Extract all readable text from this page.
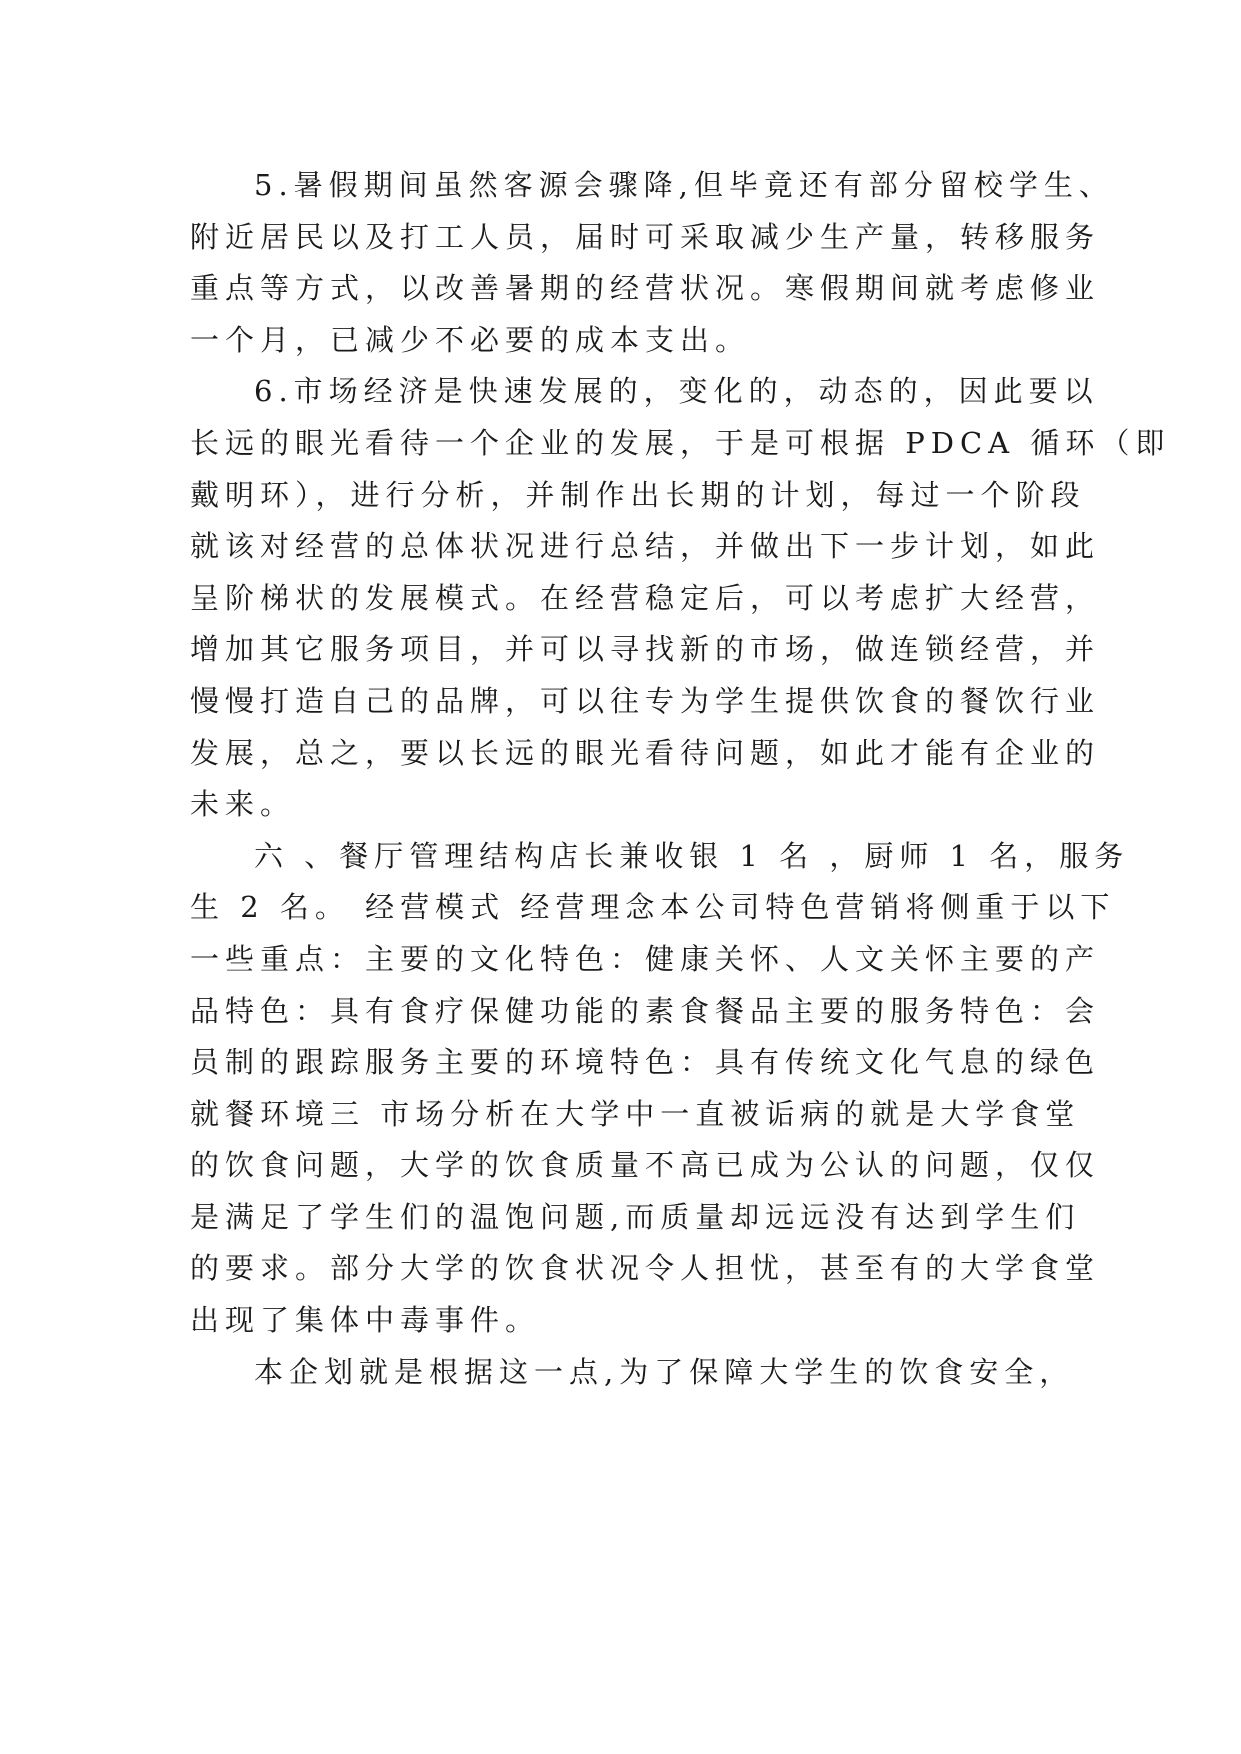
5.暑假期间虽然客源会骤降,但毕竟还有部分留校学生、
附近居民以及打工人员，届时可采取减少生产量，转移服务
重点等方式，以改善暑期的经营状况。寒假期间就考虑修业
一个月，已减少不必要的成本支出。
6.市场经济是快速发展的，变化的，动态的，因此要以
长远的眼光看待一个企业的发展，于是可根据 PDCA 循环（即
戴明环），进行分析，并制作出长期的计划，每过一个阶段
就该对经营的总体状况进行总结，并做出下一步计划，如此
呈阶梯状的发展模式。在经营稳定后，可以考虑扩大经营，
增加其它服务项目，并可以寻找新的市场，做连锁经营，并
慢慢打造自己的品牌，可以往专为学生提供饮食的餐饮行业
发展，总之，要以长远的眼光看待问题，如此才能有企业的
未来。
六 、餐厅管理结构店长兼收银 1 名 ，厨师 1 名，服务
生 2 名。 经营模式 经营理念本公司特色营销将侧重于以下
一些重点：主要的文化特色：健康关怀、人文关怀主要的产
品特色：具有食疗保健功能的素食餐品主要的服务特色：会
员制的跟踪服务主要的环境特色：具有传统文化气息的绿色
就餐环境三 市场分析在大学中一直被诟病的就是大学食堂
的饮食问题，大学的饮食质量不高已成为公认的问题，仅仅
是满足了学生们的温饱问题,而质量却远远没有达到学生们
的要求。部分大学的饮食状况令人担忧，甚至有的大学食堂
出现了集体中毒事件。
本企划就是根据这一点,为了保障大学生的饮食安全，
